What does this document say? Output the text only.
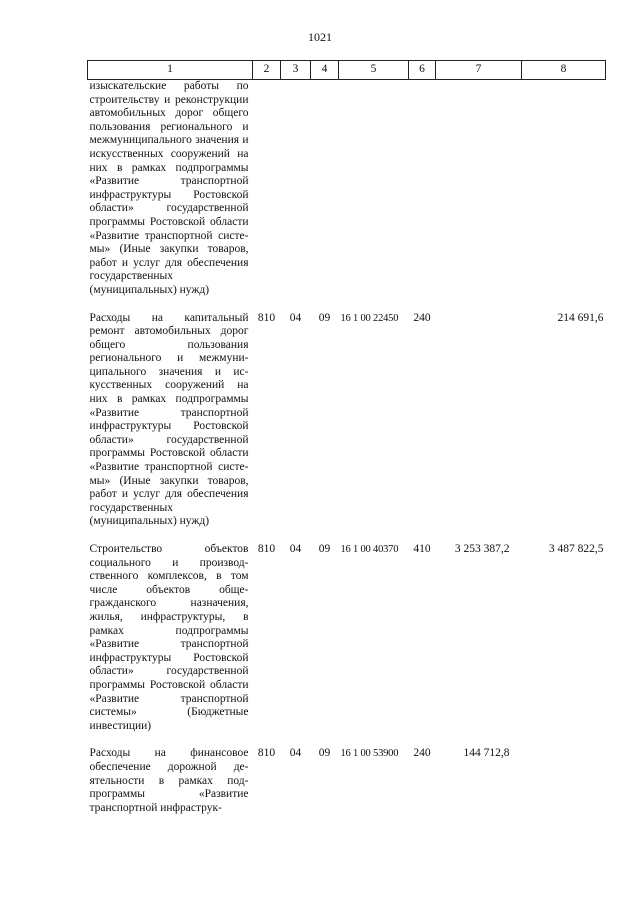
1021
1	2	3	4	5	6	7	8
изыскательские работы по строительству и реконструкции автомобильных дорог общего пользования регионального и межмуниципального значения и искусственных сооружений на них в рамках подпрограммы «Развитие транспортной инфраструктуры Ростовской области» государственной программы Ростовской области «Развитие транспортной системы» (Иные закупки товаров, работ и услуг для обеспечения государственных (муниципальных) нужд)							
Расходы на капитальный ремонт автомобильных дорог общего пользования регионального и межмуниципального значения и искусственных сооружений на них в рамках подпрограммы «Развитие транспортной инфраструктуры Ростовской области» государственной программы Ростовской области «Развитие транспортной системы» (Иные закупки товаров, работ и услуг для обеспечения государственных (муниципальных) нужд)	810	04	09	16 1 00 22450	240		214 691,6
Строительство объектов социального и производственного комплексов, в том числе объектов общегражданского назначения, жилья, инфраструктуры, в рамках подпрограммы «Развитие транспортной инфраструктуры Ростовской области» государственной программы Ростовской области «Развитие транспортной системы» (Бюджетные инвестиции)	810	04	09	16 1 00 40370	410	3 253 387,2	3 487 822,5
Расходы на финансовое обеспечение дорожной деятельности в рамках подпрограммы «Развитие транспортной инфраструк-	810	04	09	16 1 00 53900	240	144 712,8	
